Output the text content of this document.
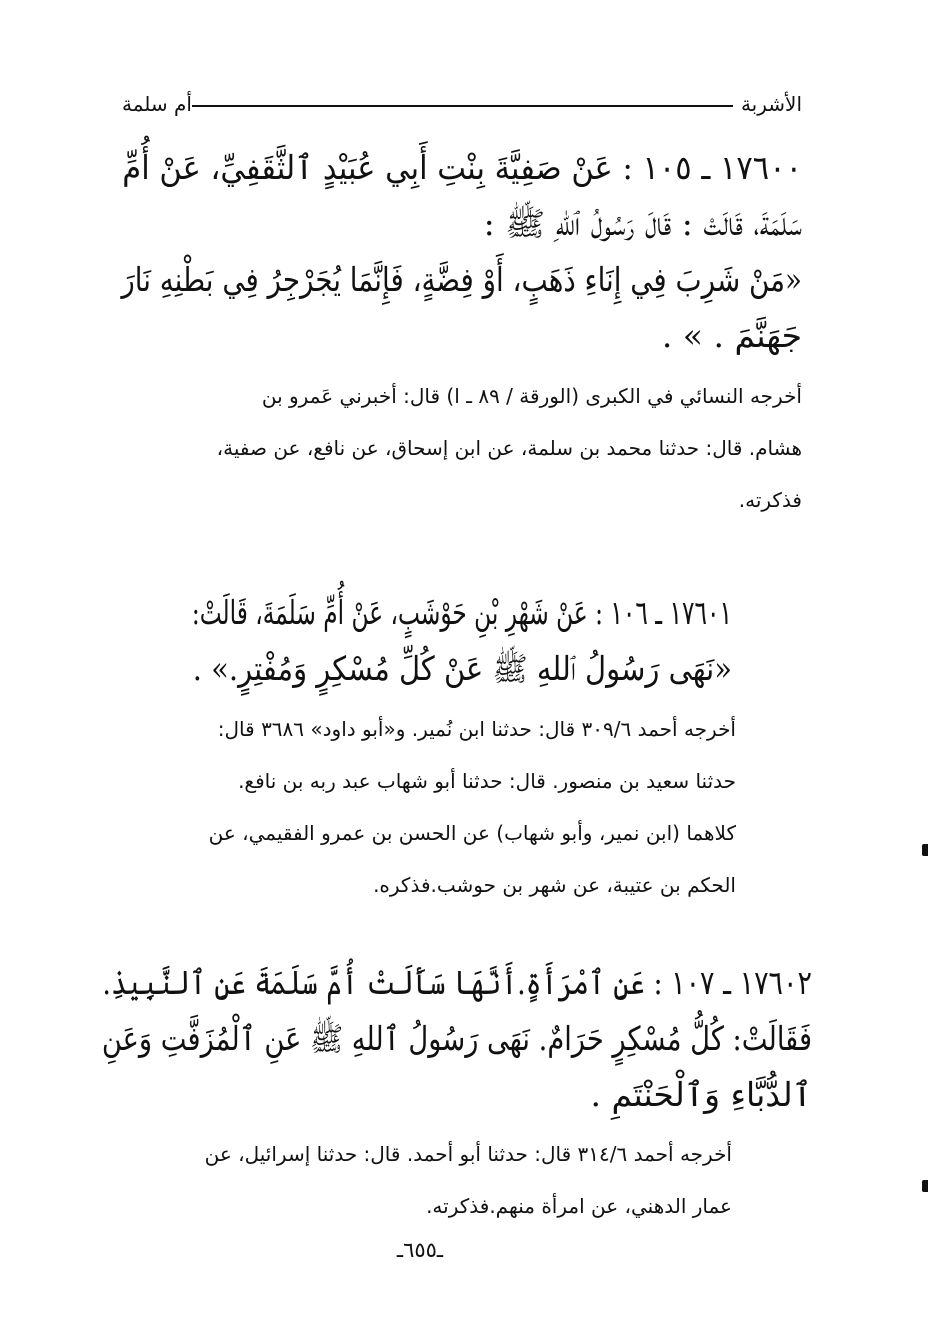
الأشربة
أم سلمة
١٧٦٠٠ ـ ١٠٥ : عَنْ صَفِيَّةَ بِنْتِ أَبِي عُبَيْدٍ ٱلثَّقَفِيِّ، عَنْ أُمِّ
سَلَمَةَ، قَالَتْ : قَالَ رَسُولُ ٱللهِ ﷺ :
«مَنْ شَرِبَ فِي إِنَاءِ ذَهَبٍ، أَوْ فِضَّةٍ، فَإِنَّمَا يُجَرْجِرُ فِي بَطْنِهِ نَارَ
جَهَنَّمَ . » .
أخرجه النسائي في الكبرى (الورقة / ٨٩ ـ ا) قال: أخبرني عَمرو بن
هشام. قال: حدثنا محمد بن سلمة، عن ابن إسحاق، عن نافع، عن صفية،
فذكرته.
١٧٦٠١ ـ ١٠٦ : عَنْ شَهْرِ بْنِ حَوْشَبٍ، عَنْ أُمِّ سَلَمَةَ، قَالَتْ:
«نَهَى رَسُولُ ٱللهِ ﷺ عَنْ كُلِّ مُسْكِرٍ وَمُفْتِرٍ.» .
أخرجه أحمد ٣٠٩/٦ قال: حدثنا ابن نُمير. و«أبو داود» ٣٦٨٦ قال:
حدثنا سعيد بن منصور. قال: حدثنا أبو شهاب عبد ربه بن نافع.
كلاهما (ابن نمير، وأبو شهاب) عن الحسن بن عمرو الفقيمي، عن
الحكم بن عتيبة، عن شهر بن حوشب.فذكره.
١٧٦٠٢ ـ ١٠٧ : عَنِ ٱمْرَأَةٍ.أَنَّهَا سَأَلَتْ أُمَّ سَلَمَةَ عَنِ ٱلنَّبِيذِ.
فَقَالَتْ: كُلُّ مُسْكِرٍ حَرَامٌ. نَهَى رَسُولُ ٱللهِ ﷺ عَنِ ٱلْمُزَفَّتِ وَعَنِ
ٱلدُّبَّاءِ وَٱلْحَنْتَمِ .
أخرجه أحمد ٣١٤/٦ قال: حدثنا أبو أحمد. قال: حدثنا إسرائيل، عن
عمار الدهني، عن امرأة منهم.فذكرته.
ـ٦٥٥ـ
